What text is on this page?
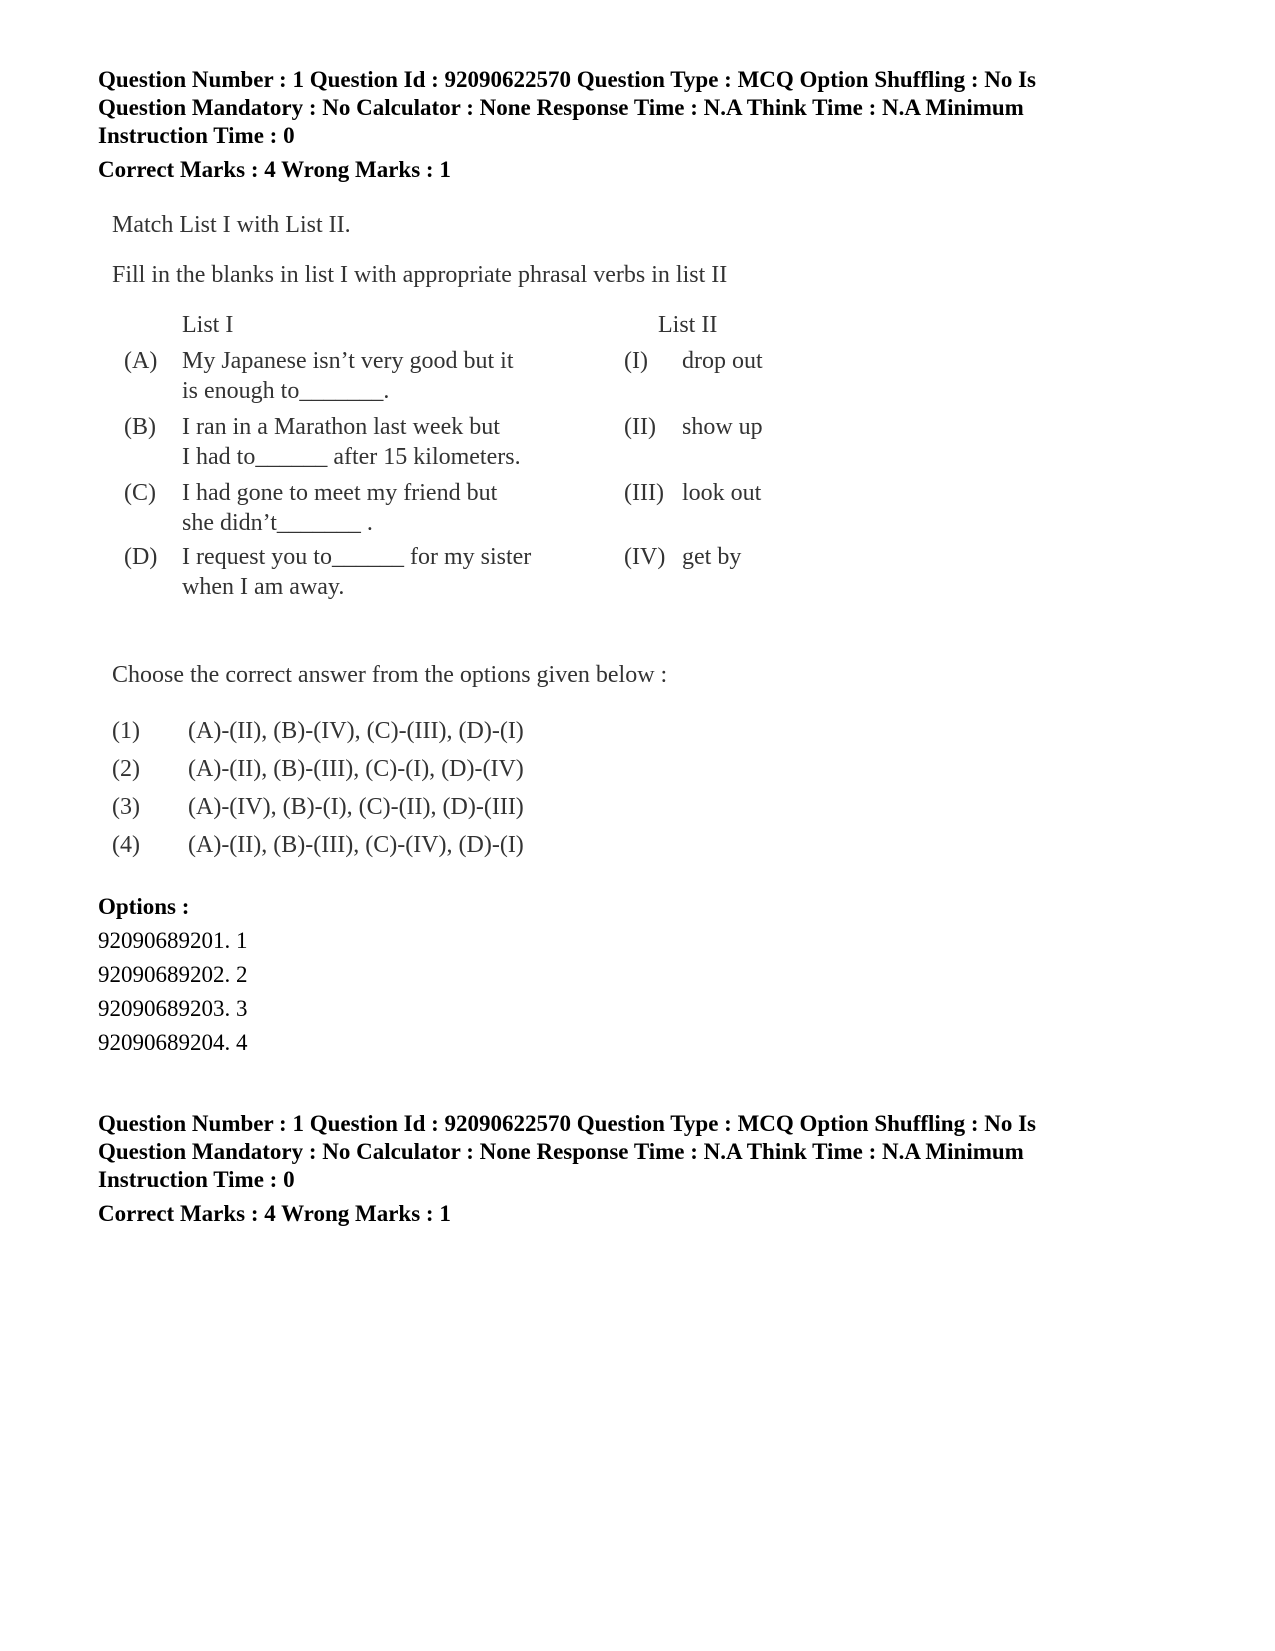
Question Number : 1 Question Id : 92090622570 Question Type : MCQ Option Shuffling : No Is

Question Mandatory : No Calculator : None Response Time : N.A Think Time : N.A Minimum

Instruction Time : 0

Correct Marks : 4 Wrong Marks : 1

Match List I with List II.

Fill in the blanks in list I with appropriate phrasal verbs in list II

List I	List II
(A) My Japanese isn’t very good but it
is enough to_______.
(I) drop out
(B) I ran in a Marathon last week but
I had to______ after 15 kilometers.
(II) show up
(C) I had gone to meet my friend but
she didn’t_______ .
(III) look out
(D) I request you to______ for my sister
when I am away.
(IV) get by

Choose the correct answer from the options given below :

(1) (A)-(II), (B)-(IV), (C)-(III), (D)-(I)
(2) (A)-(II), (B)-(III), (C)-(I), (D)-(IV)
(3) (A)-(IV), (B)-(I), (C)-(II), (D)-(III)
(4) (A)-(II), (B)-(III), (C)-(IV), (D)-(I)

Options :

92090689201. 1

92090689202. 2

92090689203. 3

92090689204. 4

Question Number : 1 Question Id : 92090622570 Question Type : MCQ Option Shuffling : No Is

Question Mandatory : No Calculator : None Response Time : N.A Think Time : N.A Minimum

Instruction Time : 0

Correct Marks : 4 Wrong Marks : 1
